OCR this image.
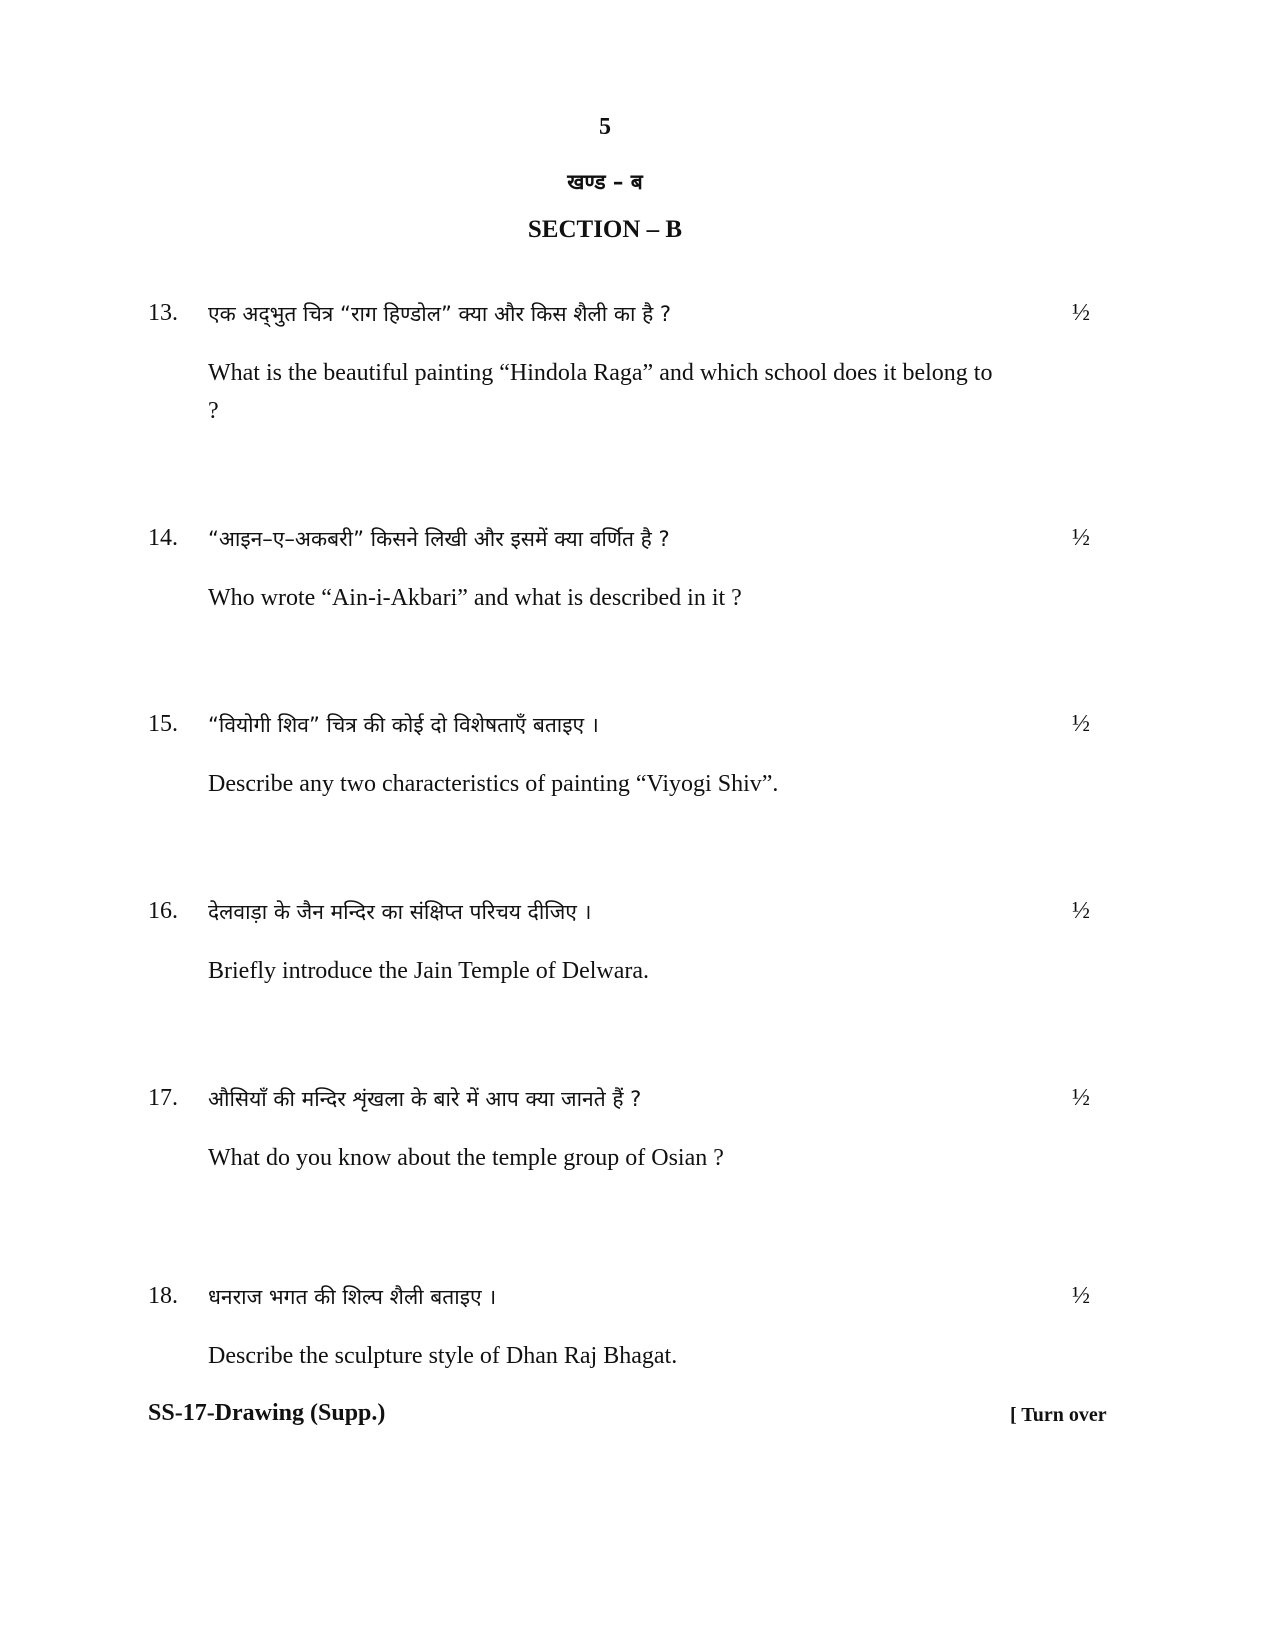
5
खण्ड – ब
SECTION – B
13. एक अद्‌भुत चित्र “राग हिण्डोल” क्या और किस शैली का है ?	½
What is the beautiful painting “Hindola Raga” and which school does it belong to ?
14. “आइन–ए–अकबरी” किसने लिखी और इसमें क्या वर्णित है ?	½
Who wrote “Ain-i-Akbari” and what is described in it ?
15. “वियोगी शिव” चित्र की कोई दो विशेषताएँ बताइए ।	½
Describe any two characteristics of painting “Viyogi Shiv”.
16. देलवाड़ा के जैन मन्दिर का संक्षिप्त परिचय दीजिए ।	½
Briefly introduce the Jain Temple of Delwara.
17. औसियाँ की मन्दिर शृंखला के बारे में आप क्या जानते हैं ?	½
What do you know about the temple group of Osian ?
18. धनराज भगत की शिल्प शैली बताइए ।	½
Describe the sculpture style of Dhan Raj Bhagat.
SS-17-Drawing (Supp.)	[ Turn over
